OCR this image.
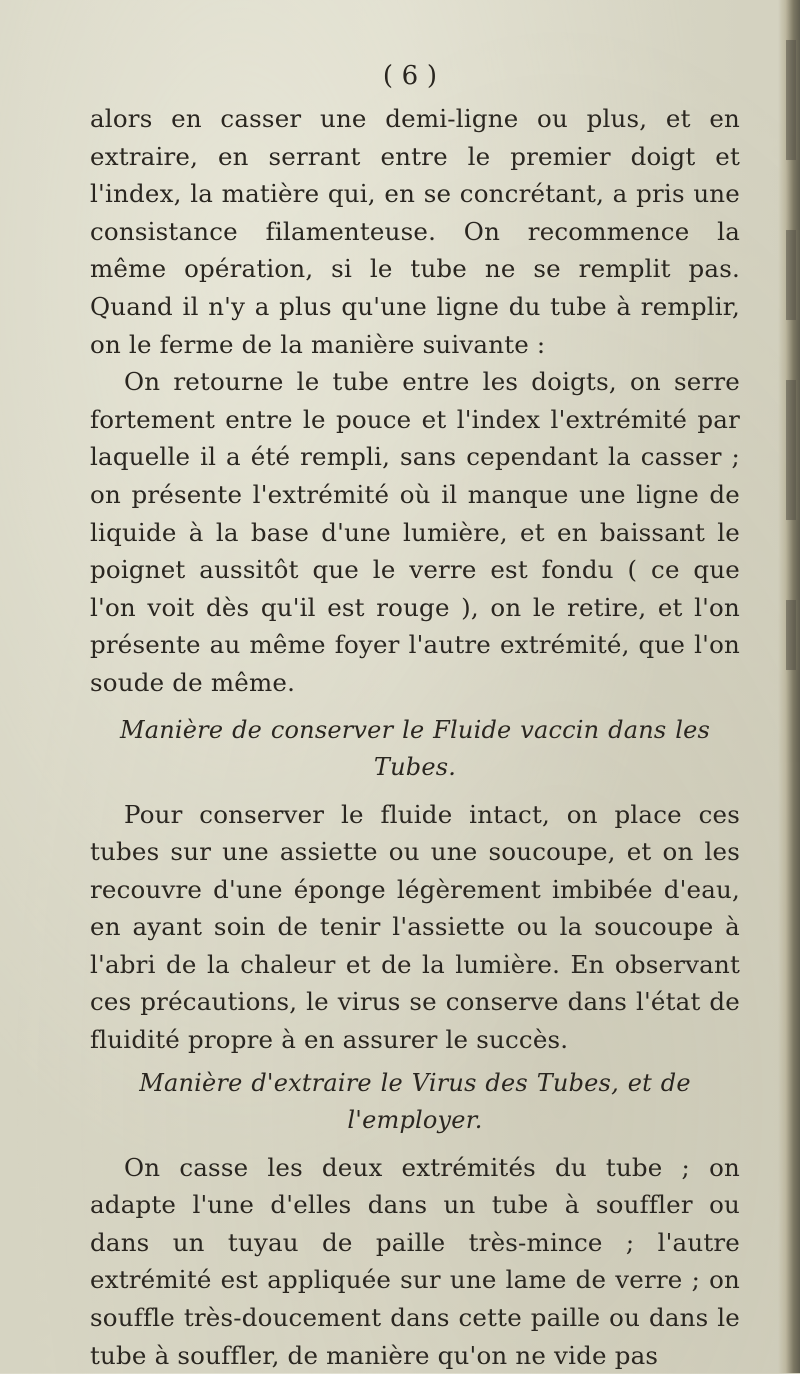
( 6 )

alors en casser une demi-ligne ou plus, et en extraire, en serrant entre le premier doigt et l'index, la matière qui, en se concrétant, a pris une consistance filamenteuse. On recommence la même opération, si le tube ne se remplit pas. Quand il n'y a plus qu'une ligne du tube à remplir, on le ferme de la manière suivante :

On retourne le tube entre les doigts, on serre fortement entre le pouce et l'index l'extrémité par laquelle il a été rempli, sans cependant la casser ; on présente l'extrémité où il manque une ligne de liquide à la base d'une lumière, et en baissant le poignet aussitôt que le verre est fondu ( ce que l'on voit dès qu'il est rouge ), on le retire, et l'on présente au même foyer l'autre extrémité, que l'on soude de même.

Manière de conserver le Fluide vaccin dans les Tubes.

Pour conserver le fluide intact, on place ces tubes sur une assiette ou une soucoupe, et on les recouvre d'une éponge légèrement imbibée d'eau, en ayant soin de tenir l'assiette ou la soucoupe à l'abri de la chaleur et de la lumière. En observant ces précautions, le virus se conserve dans l'état de fluidité propre à en assurer le succès.

Manière d'extraire le Virus des Tubes, et de l'employer.

On casse les deux extrémités du tube ; on adapte l'une d'elles dans un tube à souffler ou dans un tuyau de paille très-mince ; l'autre extrémité est appliquée sur une lame de verre ; on souffle très-doucement dans cette paille ou dans le tube à souffler, de manière qu'on ne vide pas
